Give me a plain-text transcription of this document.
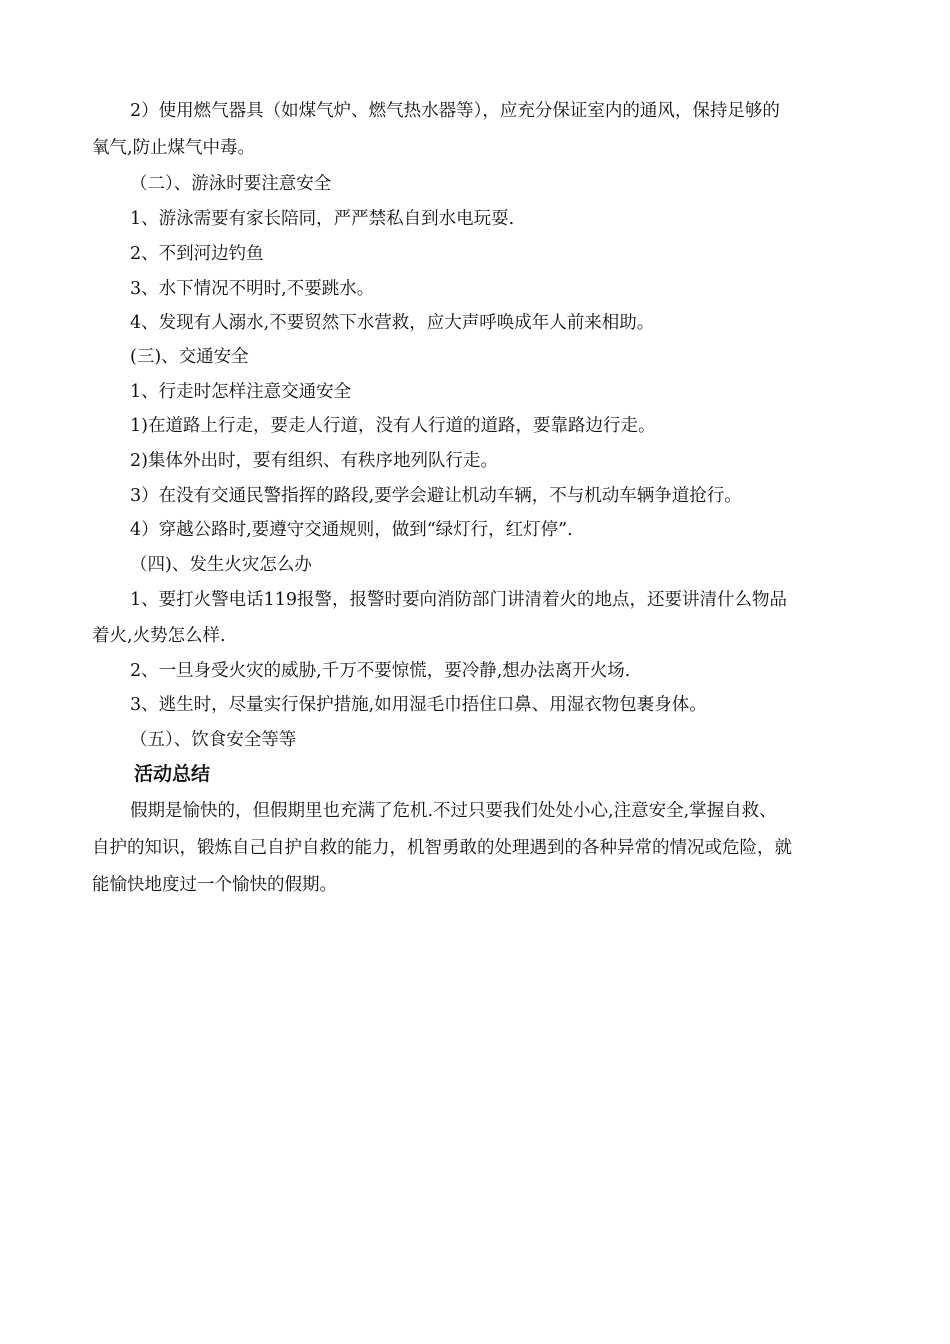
2）使用燃气器具（如煤气炉、燃气热水器等），应充分保证室内的通风，保持足够的
氧气,防止煤气中毒。
（二）、游泳时要注意安全
1、游泳需要有家长陪同，严严禁私自到水电玩耍.
2、不到河边钓鱼
3、水下情况不明时,不要跳水。
4、发现有人溺水,不要贸然下水营救，应大声呼唤成年人前来相助。
(三)、交通安全
1、行走时怎样注意交通安全
1)在道路上行走，要走人行道，没有人行道的道路，要靠路边行走。
2)集体外出时，要有组织、有秩序地列队行走。
3）在没有交通民警指挥的路段,要学会避让机动车辆，不与机动车辆争道抢行。
4）穿越公路时,要遵守交通规则，做到“绿灯行，红灯停”.
（四)、发生火灾怎么办
1、要打火警电话119报警，报警时要向消防部门讲清着火的地点，还要讲清什么物品
着火,火势怎么样.
2、一旦身受火灾的威胁,千万不要惊慌，要冷静,想办法离开火场.
3、逃生时，尽量实行保护措施,如用湿毛巾捂住口鼻、用湿衣物包裹身体。
（五）、饮食安全等等
活动总结
假期是愉快的，但假期里也充满了危机.不过只要我们处处小心,注意安全,掌握自救、
自护的知识，锻炼自己自护自救的能力，机智勇敢的处理遇到的各种异常的情况或危险，就
能愉快地度过一个愉快的假期。
